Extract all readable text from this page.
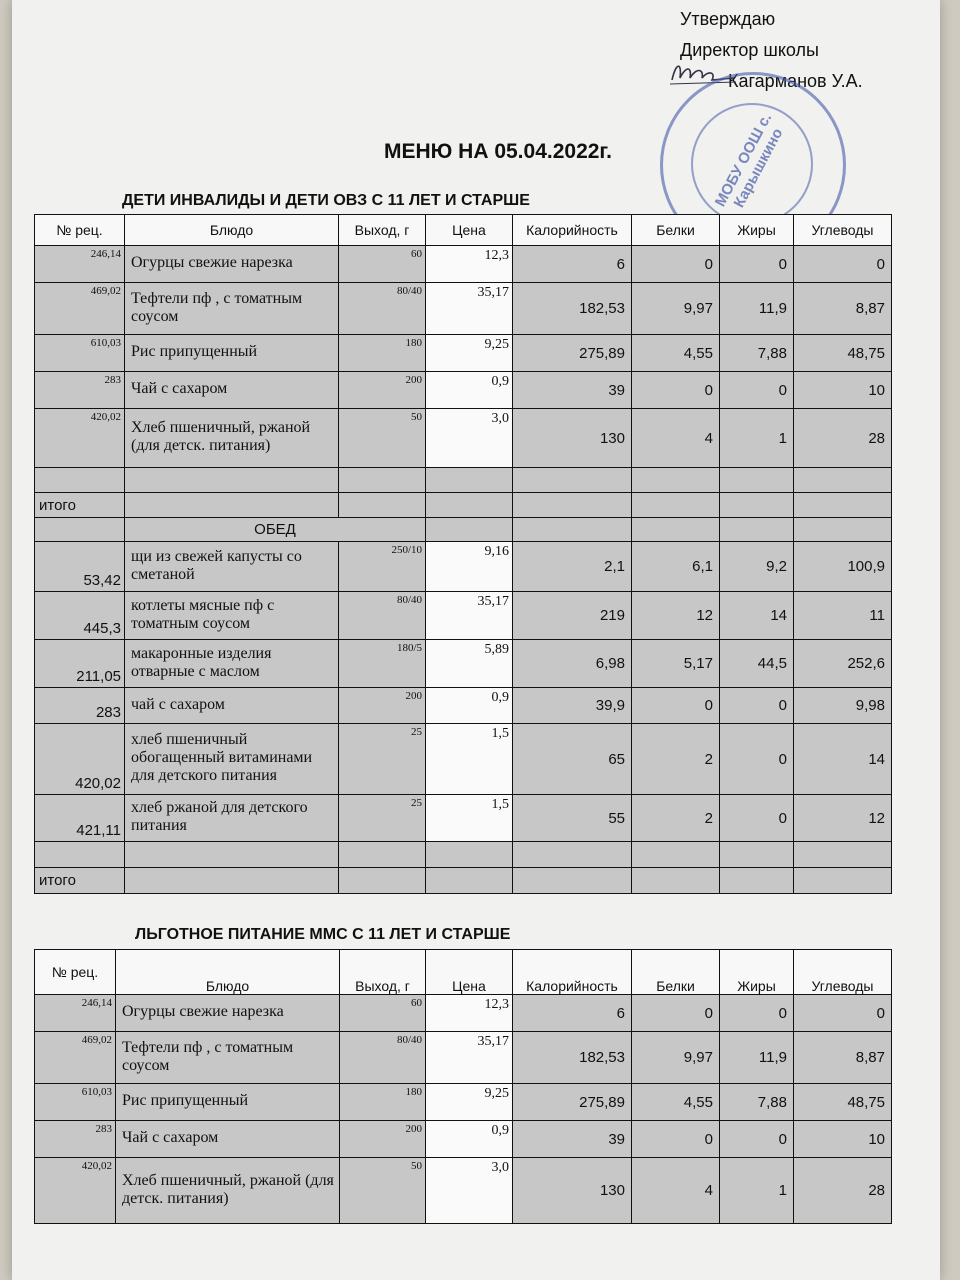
Утверждаю
Директор школы
Кагарманов У.А.
МОБУ ООШ с. Карышкино
МЕНЮ НА 05.04.2022г.
ДЕТИ ИНВАЛИДЫ И ДЕТИ ОВЗ С 11 ЛЕТ И СТАРШЕ
№ рец.	Блюдо	Выход, г	Цена	Калорийность	Белки	Жиры	Углеводы
246,14	Огурцы свежие нарезка	60	12,3	6	0	0	0
469,02	Тефтели пф , с томатным соусом	80/40	35,17	182,53	9,97	11,9	8,87
610,03	Рис припущенный	180	9,25	275,89	4,55	7,88	48,75
283	Чай с сахаром	200	0,9	39	0	0	10
420,02	Хлеб пшеничный, ржаной (для детск. питания)	50	3,0	130	4	1	28

итого							
	ОБЕД						
53,42	щи из свежей капусты со сметаной	250/10	9,16	2,1	6,1	9,2	100,9
445,3	котлеты мясные пф с томатным соусом	80/40	35,17	219	12	14	11
211,05	макаронные изделия отварные с маслом	180/5	5,89	6,98	5,17	44,5	252,6
283	чай с сахаром	200	0,9	39,9	0	0	9,98
420,02	хлеб пшеничный обогащенный витаминами для детского питания	25	1,5	65	2	0	14
421,11	хлеб ржаной для детского питания	25	1,5	55	2	0	12

итого							
ЛЬГОТНОЕ ПИТАНИЕ ММС С 11 ЛЕТ И СТАРШЕ
№ рец.	Блюдо	Выход, г	Цена	Калорийность	Белки	Жиры	Углеводы
246,14	Огурцы свежие нарезка	60	12,3	6	0	0	0
469,02	Тефтели пф , с томатным соусом	80/40	35,17	182,53	9,97	11,9	8,87
610,03	Рис припущенный	180	9,25	275,89	4,55	7,88	48,75
283	Чай с сахаром	200	0,9	39	0	0	10
420,02	Хлеб пшеничный, ржаной (для детск. питания)	50	3,0	130	4	1	28
